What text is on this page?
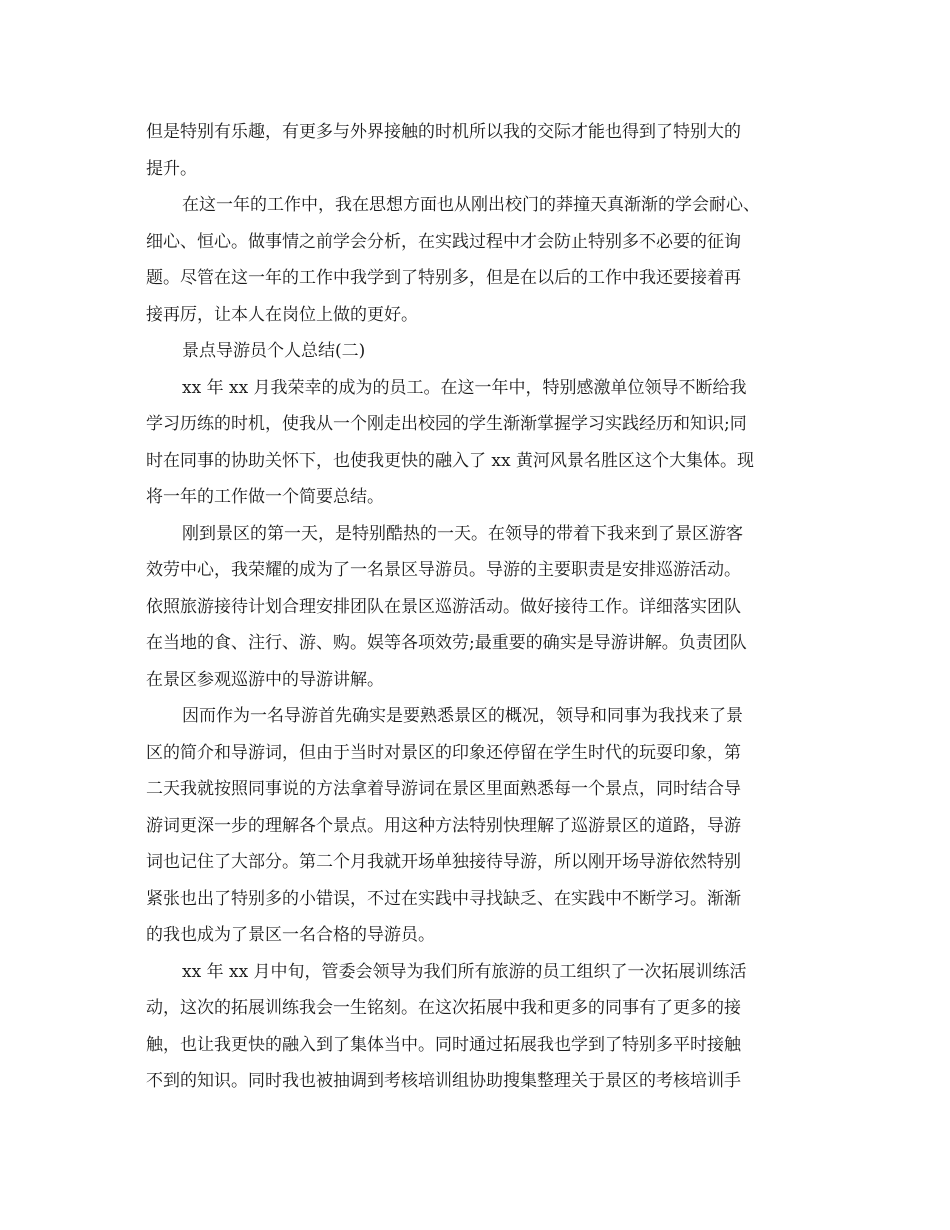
但是特别有乐趣，有更多与外界接触的时机所以我的交际才能也得到了特别大的
提升。
在这一年的工作中，我在思想方面也从刚出校门的莽撞天真渐渐的学会耐心、
细心、恒心。做事情之前学会分析，在实践过程中才会防止特别多不必要的征询
题。尽管在这一年的工作中我学到了特别多，但是在以后的工作中我还要接着再
接再厉，让本人在岗位上做的更好。
景点导游员个人总结(二)
xx 年 xx 月我荣幸的成为的员工。在这一年中，特别感激单位领导不断给我
学习历练的时机，使我从一个刚走出校园的学生渐渐掌握学习实践经历和知识;同
时在同事的协助关怀下，也使我更快的融入了 xx 黄河风景名胜区这个大集体。现
将一年的工作做一个简要总结。
刚到景区的第一天，是特别酷热的一天。在领导的带着下我来到了景区游客
效劳中心，我荣耀的成为了一名景区导游员。导游的主要职责是安排巡游活动。
依照旅游接待计划合理安排团队在景区巡游活动。做好接待工作。详细落实团队
在当地的食、注行、游、购。娱等各项效劳;最重要的确实是导游讲解。负责团队
在景区参观巡游中的导游讲解。
因而作为一名导游首先确实是要熟悉景区的概况，领导和同事为我找来了景
区的简介和导游词，但由于当时对景区的印象还停留在学生时代的玩耍印象，第
二天我就按照同事说的方法拿着导游词在景区里面熟悉每一个景点，同时结合导
游词更深一步的理解各个景点。用这种方法特别快理解了巡游景区的道路，导游
词也记住了大部分。第二个月我就开场单独接待导游，所以刚开场导游依然特别
紧张也出了特别多的小错误，不过在实践中寻找缺乏、在实践中不断学习。渐渐
的我也成为了景区一名合格的导游员。
xx 年 xx 月中旬，管委会领导为我们所有旅游的员工组织了一次拓展训练活
动，这次的拓展训练我会一生铭刻。在这次拓展中我和更多的同事有了更多的接
触，也让我更快的融入到了集体当中。同时通过拓展我也学到了特别多平时接触
不到的知识。同时我也被抽调到考核培训组协助搜集整理关于景区的考核培训手
